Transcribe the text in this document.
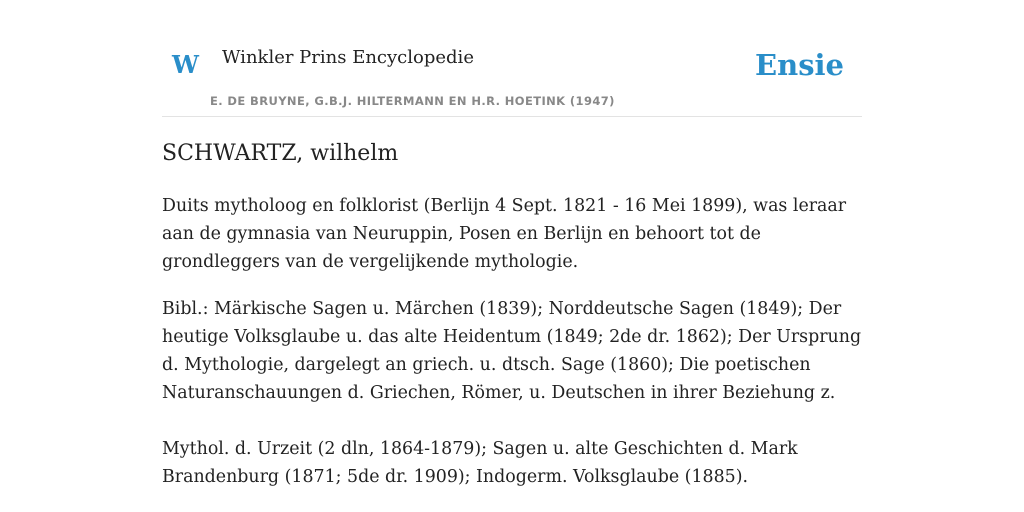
W Winkler Prins Encyclopedie
E. DE BRUYNE, G.B.J. HILTERMANN EN H.R. HOETINK (1947)
Ensie
SCHWARTZ, wilhelm

Duits mytholoog en folklorist (Berlijn 4 Sept. 1821 - 16 Mei 1899), was leraar aan de gymnasia van Neuruppin, Posen en Berlijn en behoort tot de grondleggers van de vergelijkende mythologie.

Bibl.: Märkische Sagen u. Märchen (1839); Norddeutsche Sagen (1849); Der heutige Volksglaube u. das alte Heidentum (1849; 2de dr. 1862); Der Ursprung d. Mythologie, dargelegt an griech. u. dtsch. Sage (1860); Die poetischen Naturanschauungen d. Griechen, Römer, u. Deutschen in ihrer Beziehung z.

Mythol. d. Urzeit (2 dln, 1864-1879); Sagen u. alte Geschichten d. Mark Brandenburg (1871; 5de dr. 1909); Indogerm. Volksglaube (1885).
